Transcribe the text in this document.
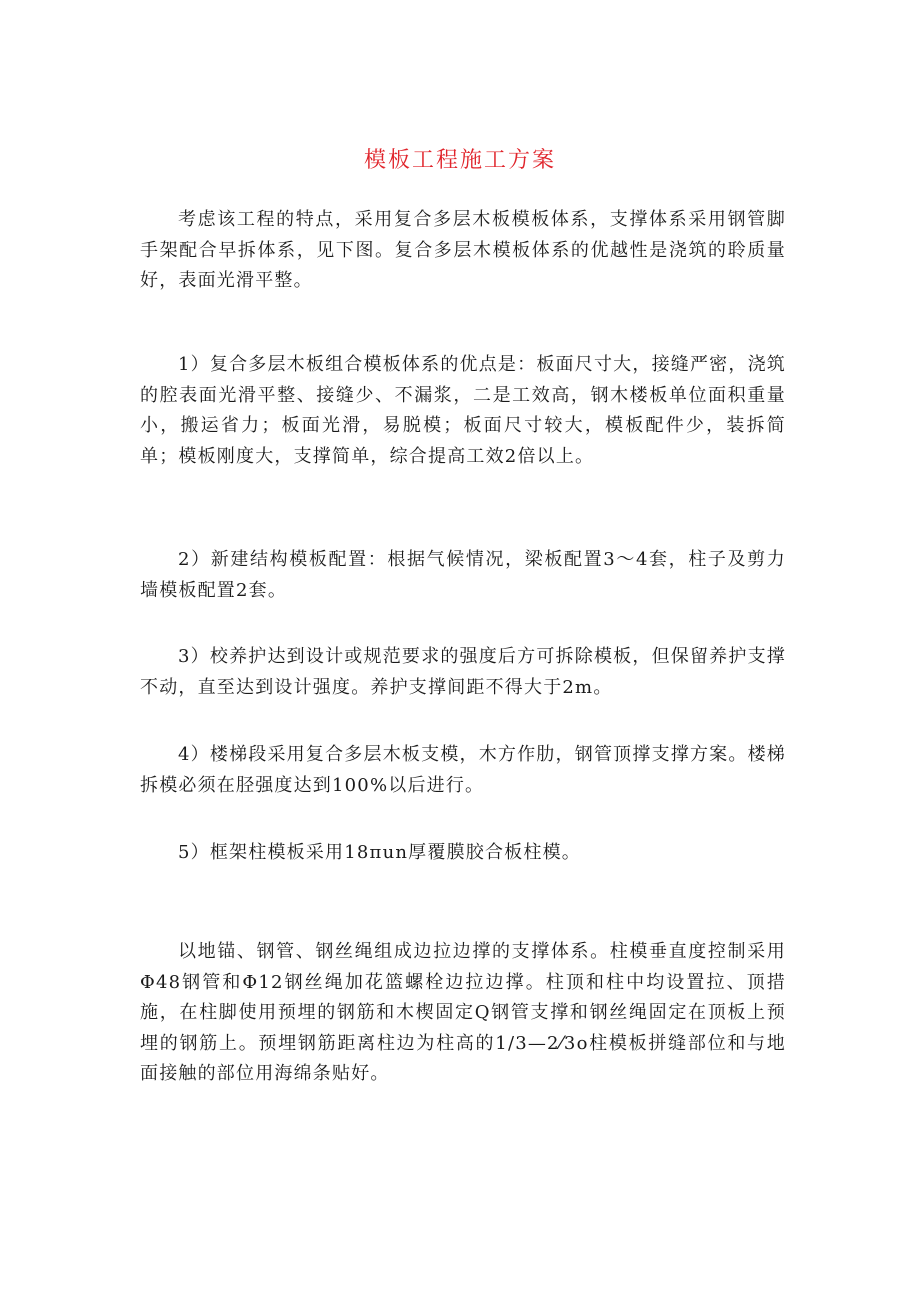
模板工程施工方案

考虑该工程的特点，采用复合多层木板模板体系，支撑体系采用钢管脚手架配合早拆体系，见下图。复合多层木模板体系的优越性是浇筑的聆质量好，表面光滑平整。

1）复合多层木板组合模板体系的优点是：板面尺寸大，接缝严密，浇筑的腔表面光滑平整、接缝少、不漏浆，二是工效高，钢木楼板单位面积重量小，搬运省力；板面光滑，易脱模；板面尺寸较大，模板配件少，装拆简单；模板刚度大，支撑简单，综合提高工效2倍以上。

2）新建结构模板配置：根据气候情况，梁板配置3～4套，柱子及剪力墙模板配置2套。

3）校养护达到设计或规范要求的强度后方可拆除模板，但保留养护支撑不动，直至达到设计强度。养护支撑间距不得大于2m。

4）楼梯段采用复合多层木板支模，木方作肋，钢管顶撑支撑方案。楼梯拆模必须在胫强度达到100%以后进行。

5）框架柱模板采用18πun厚覆膜胶合板柱模。

以地锚、钢管、钢丝绳组成边拉边撑的支撑体系。柱模垂直度控制采用Φ48钢管和Φ12钢丝绳加花篮螺栓边拉边撑。柱顶和柱中均设置拉、顶措施，在柱脚使用预埋的钢筋和木楔固定Q钢管支撑和钢丝绳固定在顶板上预埋的钢筋上。预埋钢筋距离柱边为柱高的1/3—2⁄3o柱模板拼缝部位和与地面接触的部位用海绵条贴好。
